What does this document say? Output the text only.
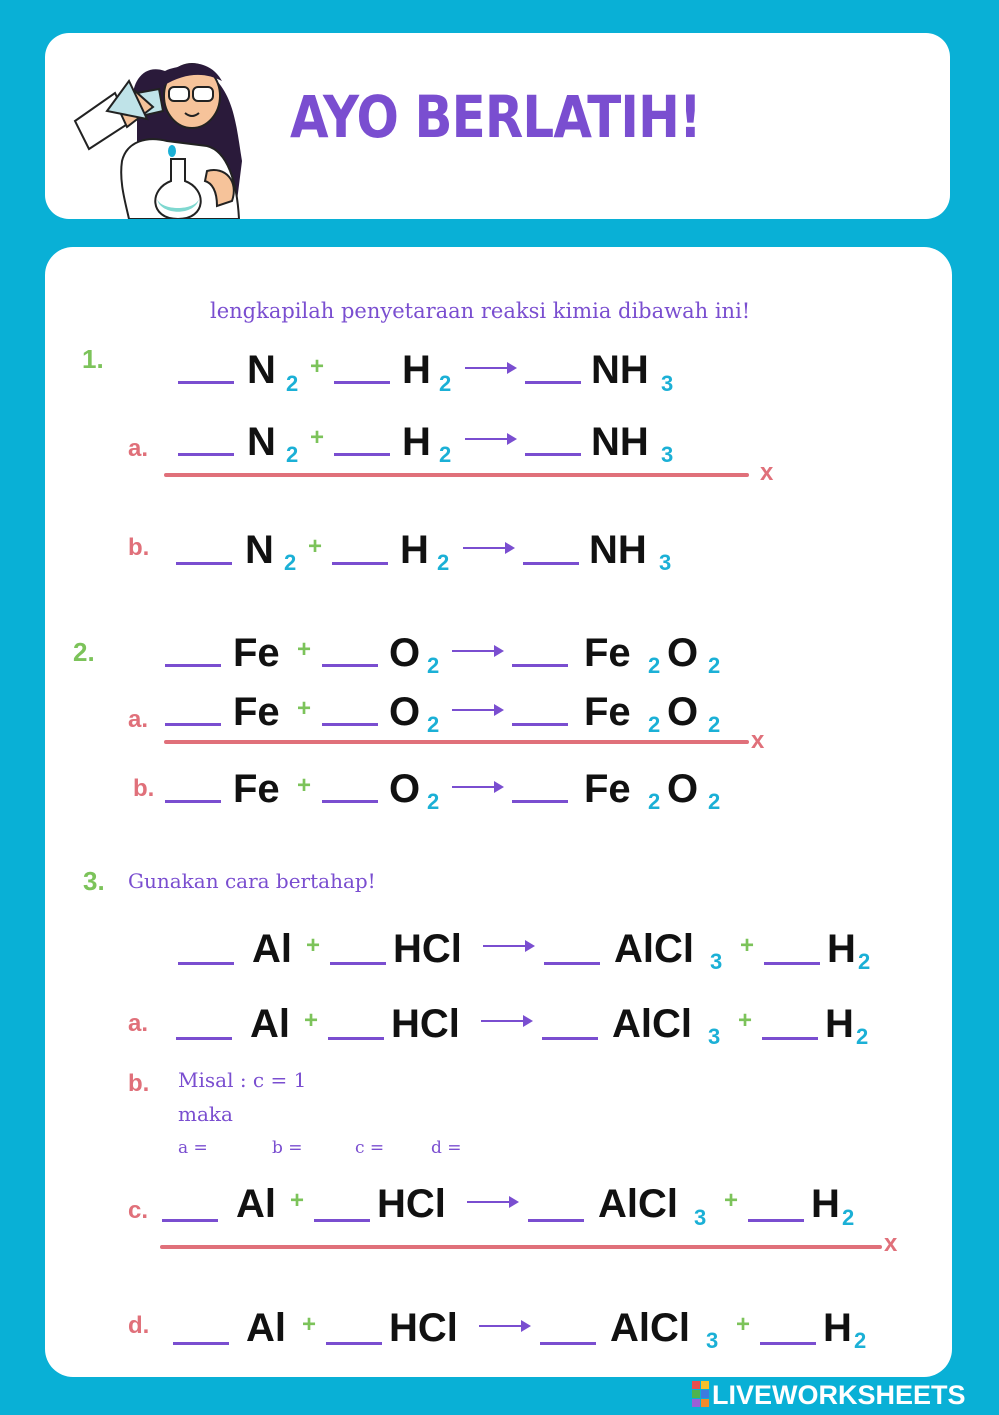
AYO BERLATIH!
lengkapilah penyetaraan reaksi kimia dibawah ini!
1.	N 2
+ H 2	NH 3
a. N 2
+ H 2	NH 3
x
b. N 2
+ H 2	NH 3
2.	Fe + O 2	Fe 2 O 2
a. Fe + O 2	Fe 2 O 2
x
b. Fe + O 2	Fe 2 O 2
3. Gunakan cara bertahap!
Al + HCl	AlCl 3
+ H 2
a.	Al + HCl	AlCl 3
+ H 2
b. Misal : c = 1
maka
a =	b =	c =	d =
c. Al + HCl	AlCl 3
+ H 2
x
d. Al + HCl	AlCl 3
+ H 2
LIVEWORKSHEETS
